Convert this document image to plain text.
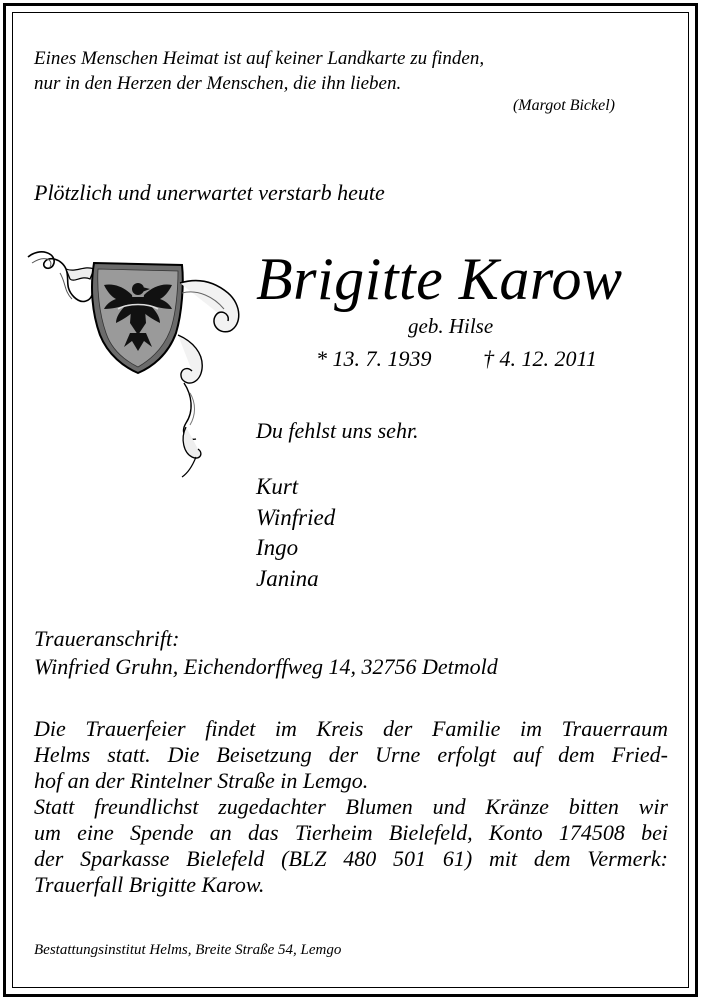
Eines Menschen Heimat ist auf keiner Landkarte zu finden,
nur in den Herzen der Menschen, die ihn lieben.
(Margot Bickel)
Plötzlich und unerwartet verstarb heute
Brigitte Karow
geb. Hilse
* 13. 7. 1939 † 4. 12. 2011
Du fehlst uns sehr.
Kurt
Winfried
Ingo
Janina
Traueranschrift:
Winfried Gruhn, Eichendorffweg 14, 32756 Detmold
Die Trauerfeier findet im Kreis der Familie im Trauerraum
Helms statt. Die Beisetzung der Urne erfolgt auf dem Fried-
hof an der Rintelner Straße in Lemgo.
Statt freundlichst zugedachter Blumen und Kränze bitten wir
um eine Spende an das Tierheim Bielefeld, Konto 174508 bei
der Sparkasse Bielefeld (BLZ 480 501 61) mit dem Vermerk:
Trauerfall Brigitte Karow.
Bestattungsinstitut Helms, Breite Straße 54, Lemgo
